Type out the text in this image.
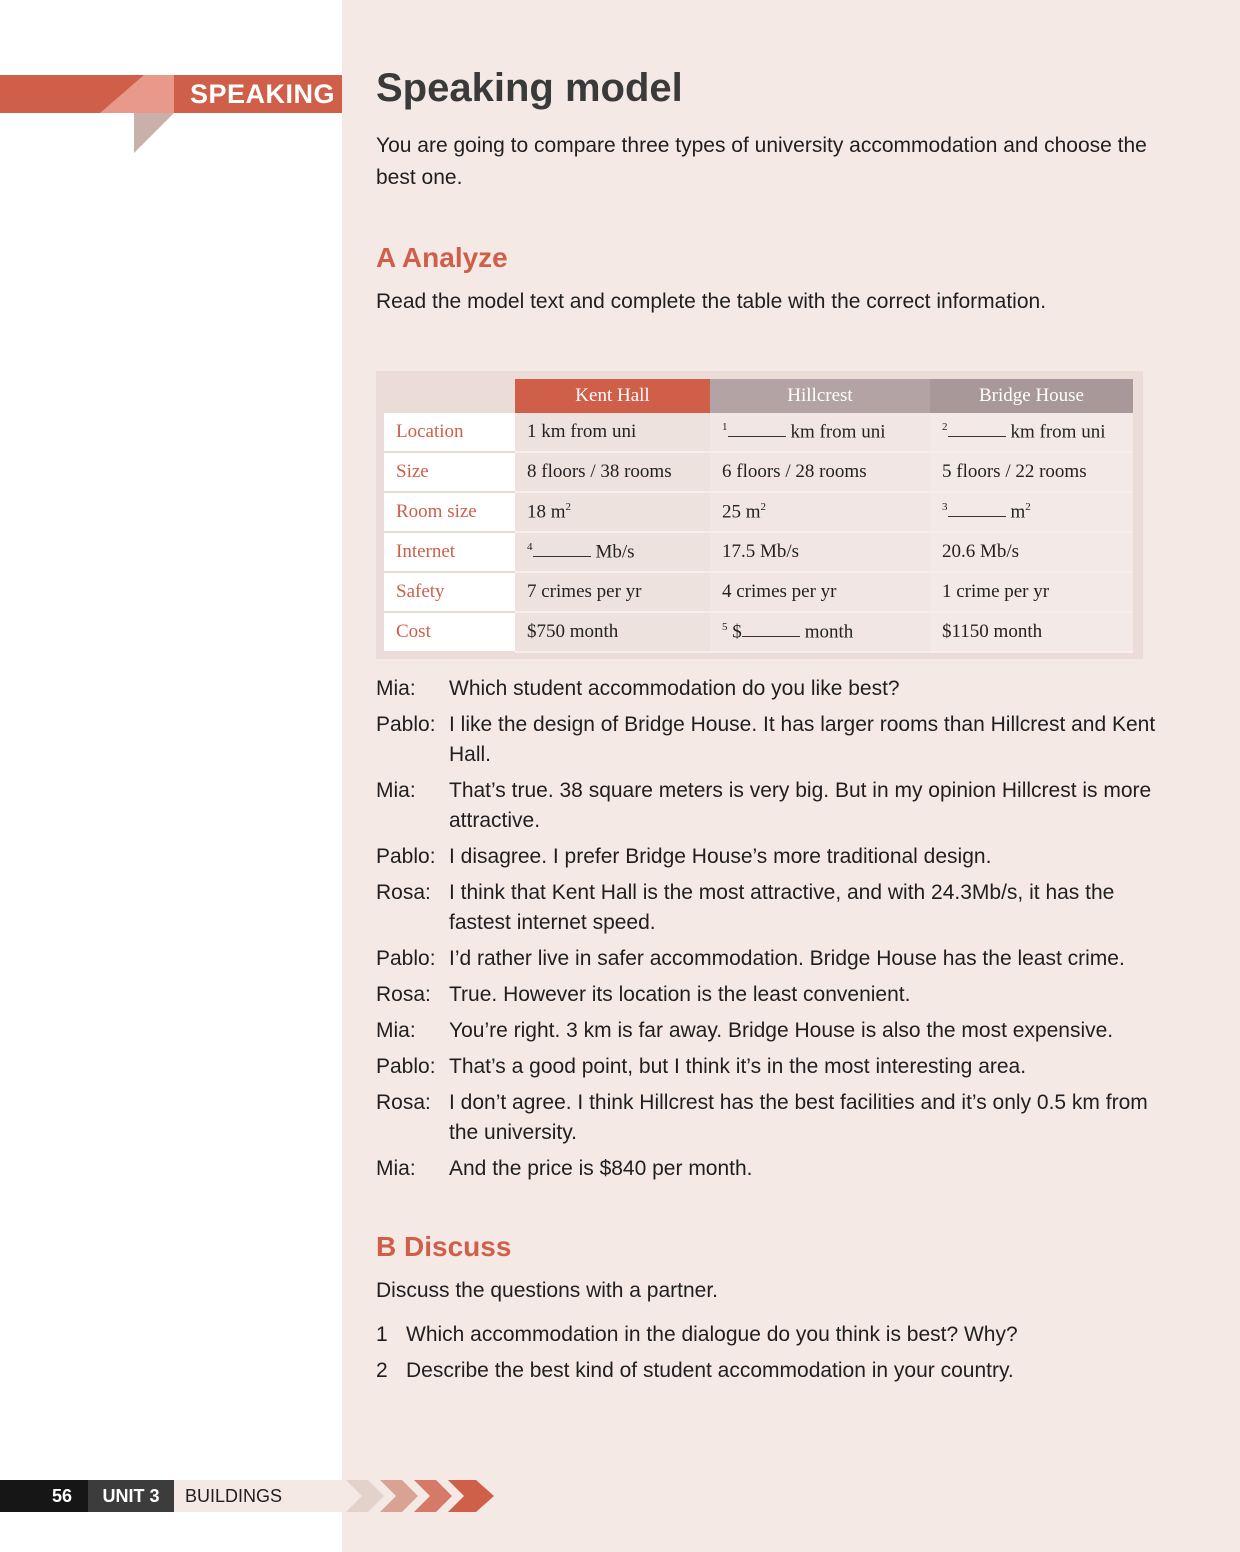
SPEAKING Speaking model

You are going to compare three types of university accommodation and choose the best one.

A Analyze

Read the model text and complete the table with the correct information.

	Kent Hall	Hillcrest	Bridge House
Location	1 km from uni	$^1$ km from uni	$^2$ km from uni
Size	8 floors / 38 rooms	6 floors / 28 rooms	5 floors / 22 rooms
Room size	18 $m^2$	25 $m^2$	$^3$ $m^2$
Internet	$^4$ Mb/s	17.5 Mb/s	20.6 Mb/s
Safety	7 crimes per yr	4 crimes per yr	1 crime per yr
Cost	$750 month	$^5$ $ month	$1150 month
Mia:	Which student accommodation do you like best?
Pablo: I like the design of Bridge House. It has larger rooms than Hillcrest and Kent Hall.
Mia:	That’s true. 38 square meters is very big. But in my opinion Hillcrest is more attractive.
Pablo: I disagree. I prefer Bridge House’s more traditional design.
Rosa: I think that Kent Hall is the most attractive, and with 24.3Mb/s, it has the fastest internet speed.
Pablo: I’d rather live in safer accommodation. Bridge House has the least crime.
Rosa: True. However its location is the least convenient.
Mia:	You’re right. 3 km is far away. Bridge House is also the most expensive.
Pablo: That’s a good point, but I think it’s in the most interesting area.
Rosa: I don’t agree. I think Hillcrest has the best facilities and it’s only 0.5 km from the university.
Mia:	And the price is $840 per month.
B Discuss

Discuss the questions with a partner.

1 Which accommodation in the dialogue do you think is best? Why?
2 Describe the best kind of student accommodation in your country.
56	UNIT 3	BUILDINGS
